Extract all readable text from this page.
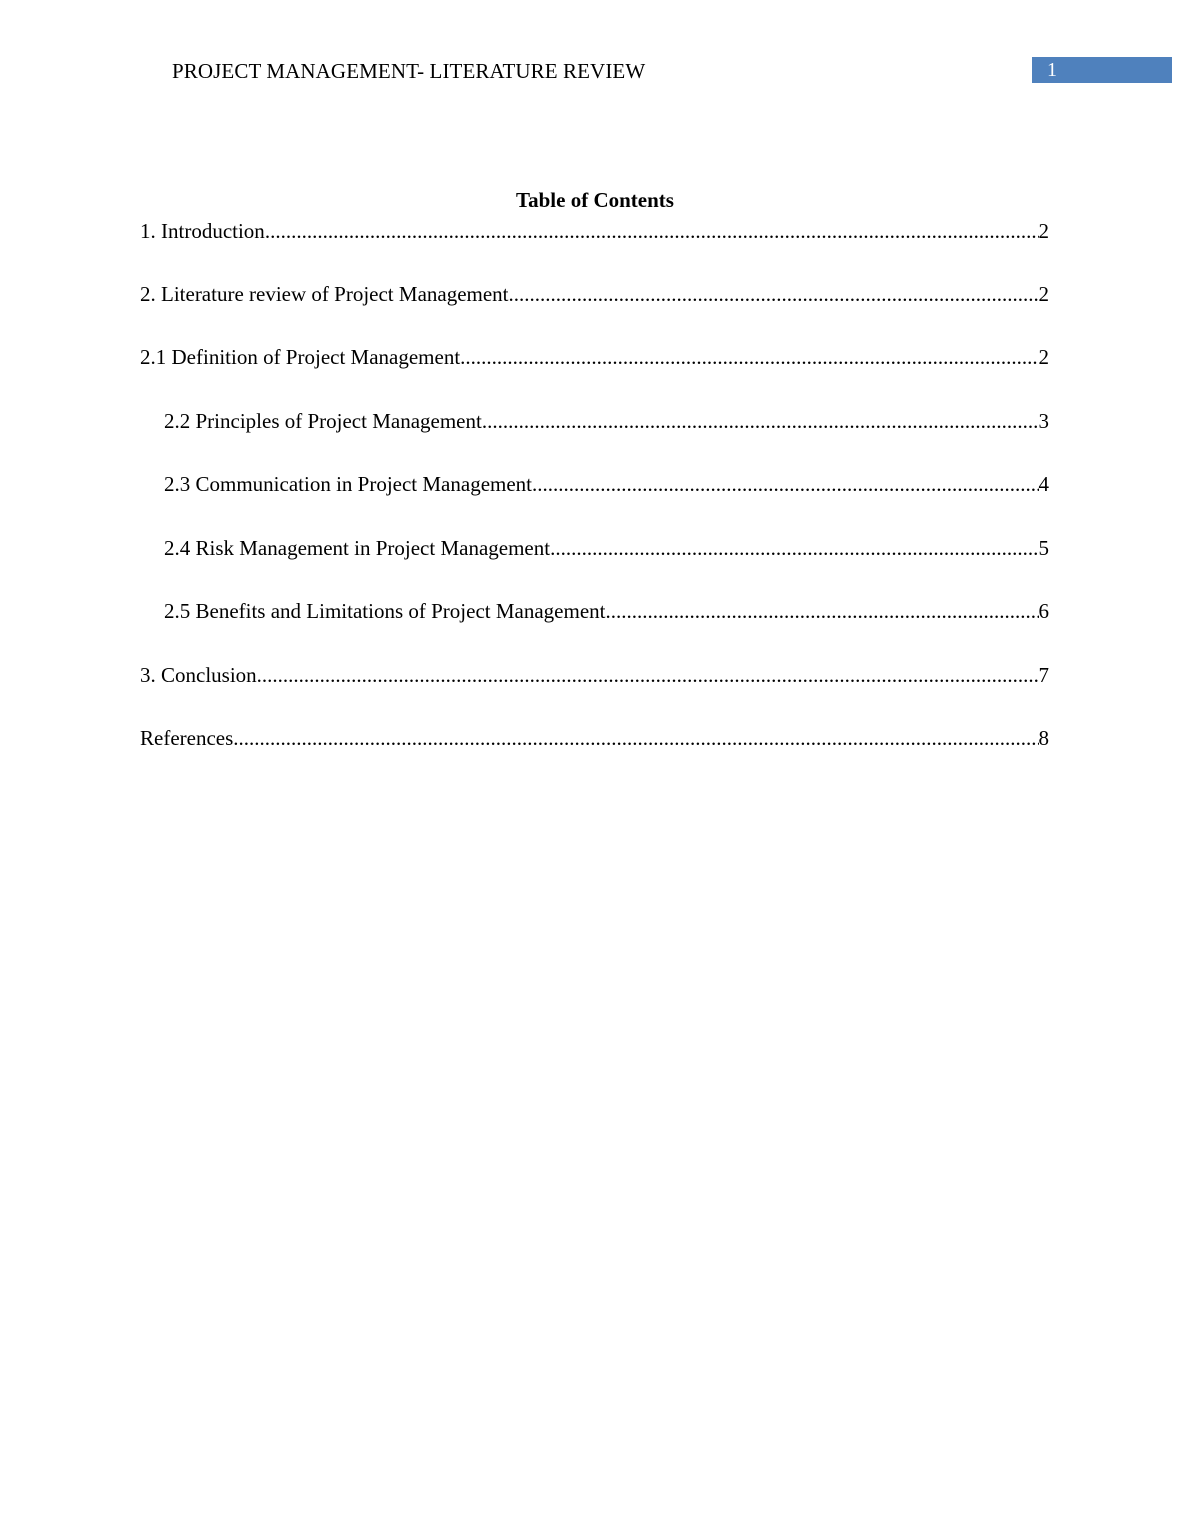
PROJECT MANAGEMENT- LITERATURE REVIEW	1
Table of Contents
1. Introduction .....	2
2. Literature review of Project Management .....	2
2.1 Definition of Project Management .....	2
2.2 Principles of Project Management .....	3
2.3 Communication in Project Management .....	4
2.4 Risk Management in Project Management .....	5
2.5 Benefits and Limitations of Project Management .....	6
3. Conclusion .....	7
References .....	8
